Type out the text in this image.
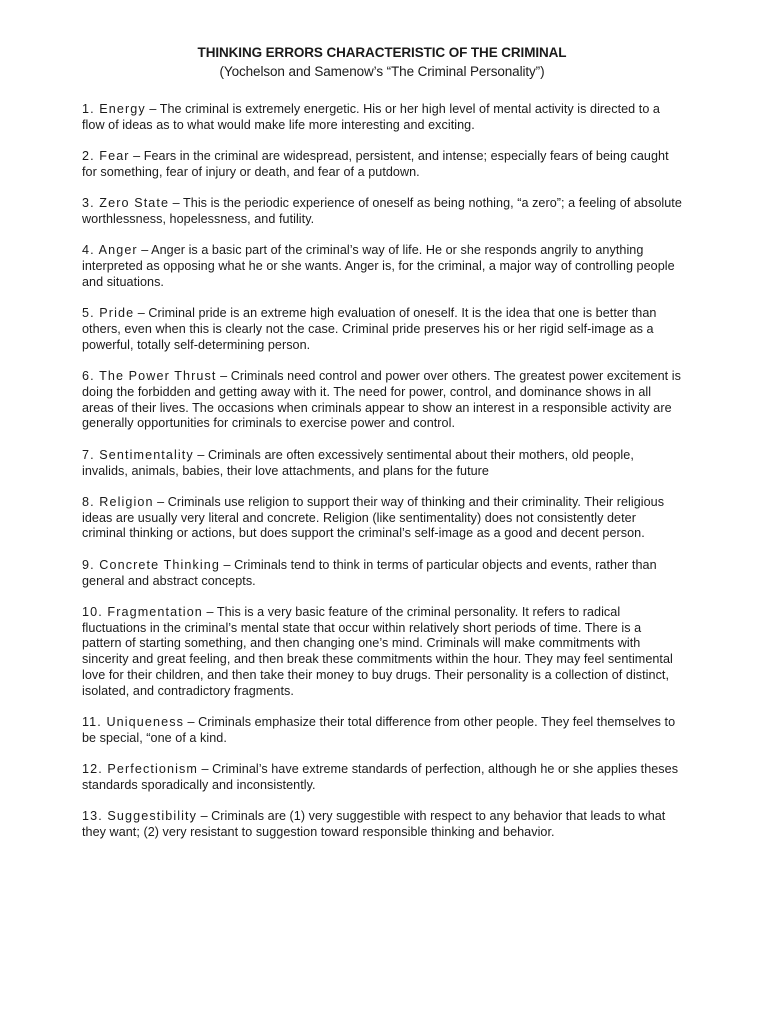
THINKING ERRORS CHARACTERISTIC OF THE CRIMINAL

(Yochelson and Samenow’s “The Criminal Personality”)

1. Energy – The criminal is extremely energetic. His or her high level of mental activity is directed to a flow of ideas as to what would make life more interesting and exciting.
2. Fear – Fears in the criminal are widespread, persistent, and intense; especially fears of being caught for something, fear of injury or death, and fear of a putdown.
3. Zero State – This is the periodic experience of oneself as being nothing, “a zero”; a feeling of absolute worthlessness, hopelessness, and futility.
4. Anger – Anger is a basic part of the criminal’s way of life. He or she responds angrily to anything interpreted as opposing what he or she wants. Anger is, for the criminal, a major way of controlling people and situations.
5. Pride – Criminal pride is an extreme high evaluation of oneself. It is the idea that one is better than others, even when this is clearly not the case. Criminal pride preserves his or her rigid self-image as a powerful, totally self-determining person.
6. The Power Thrust – Criminals need control and power over others. The greatest power excitement is doing the forbidden and getting away with it. The need for power, control, and dominance shows in all areas of their lives. The occasions when criminals appear to show an interest in a responsible activity are generally opportunities for criminals to exercise power and control.
7. Sentimentality – Criminals are often excessively sentimental about their mothers, old people, invalids, animals, babies, their love attachments, and plans for the future
8. Religion – Criminals use religion to support their way of thinking and their criminality. Their religious ideas are usually very literal and concrete. Religion (like sentimentality) does not consistently deter criminal thinking or actions, but does support the criminal’s self-image as a good and decent person.
9. Concrete Thinking – Criminals tend to think in terms of particular objects and events, rather than general and abstract concepts.
10. Fragmentation – This is a very basic feature of the criminal personality. It refers to radical fluctuations in the criminal’s mental state that occur within relatively short periods of time. There is a pattern of starting something, and then changing one’s mind. Criminals will make commitments with sincerity and great feeling, and then break these commitments within the hour. They may feel sentimental love for their children, and then take their money to buy drugs. Their personality is a collection of distinct, isolated, and contradictory fragments.
11. Uniqueness – Criminals emphasize their total difference from other people. They feel themselves to be special, “one of a kind.
12. Perfectionism – Criminal’s have extreme standards of perfection, although he or she applies theses standards sporadically and inconsistently.
13. Suggestibility – Criminals are (1) very suggestible with respect to any behavior that leads to what they want; (2) very resistant to suggestion toward responsible thinking and behavior.
